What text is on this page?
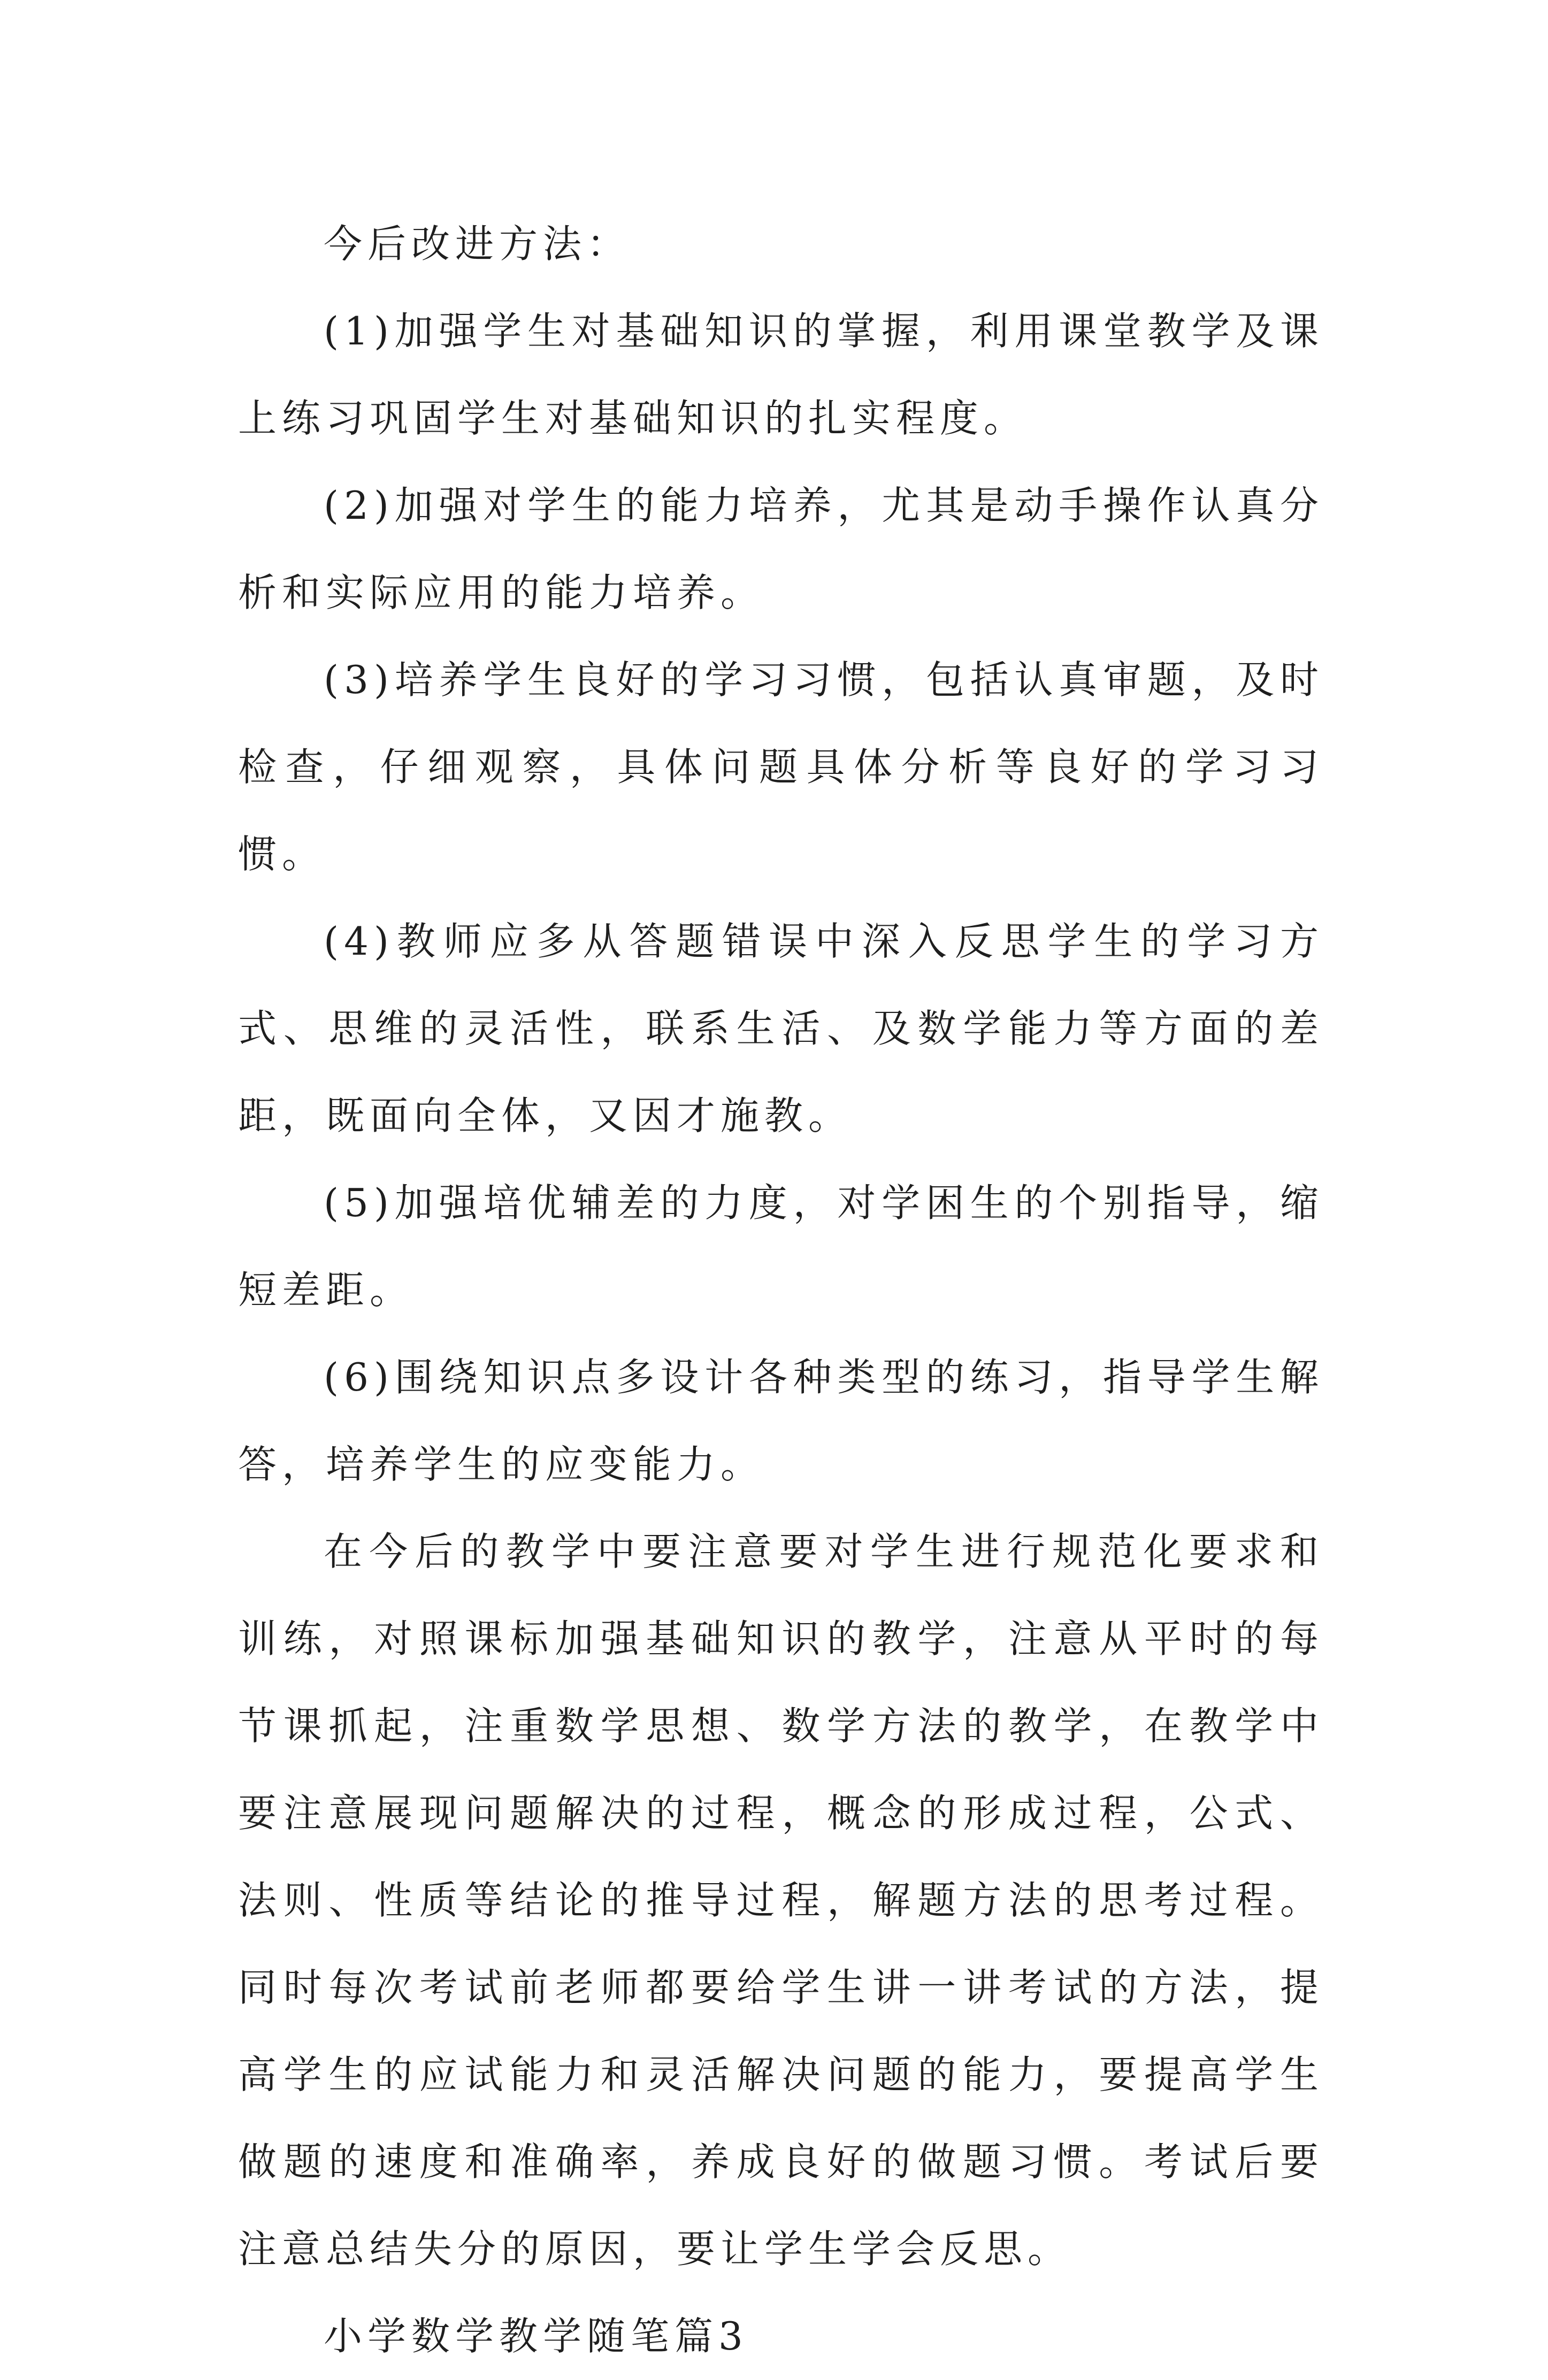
今后改进方法：

(1)加强学生对基础知识的掌握，利用课堂教学及课上练习巩固学生对基础知识的扎实程度。

(2)加强对学生的能力培养，尤其是动手操作认真分析和实际应用的能力培养。

(3)培养学生良好的学习习惯，包括认真审题，及时检查，仔细观察，具体问题具体分析等良好的学习习惯。

(4)教师应多从答题错误中深入反思学生的学习方式、思维的灵活性，联系生活、及数学能力等方面的差距，既面向全体，又因才施教。

(5)加强培优辅差的力度，对学困生的个别指导，缩短差距。

(6)围绕知识点多设计各种类型的练习，指导学生解答，培养学生的应变能力。

在今后的教学中要注意要对学生进行规范化要求和训练，对照课标加强基础知识的教学，注意从平时的每节课抓起，注重数学思想、数学方法的教学，在教学中要注意展现问题解决的过程，概念的形成过程，公式、法则、性质等结论的推导过程，解题方法的思考过程。同时每次考试前老师都要给学生讲一讲考试的方法，提高学生的应试能力和灵活解决问题的能力，要提高学生做题的速度和准确率，养成良好的做题习惯。考试后要注意总结失分的原因，要让学生学会反思。

小学数学教学随笔篇3
